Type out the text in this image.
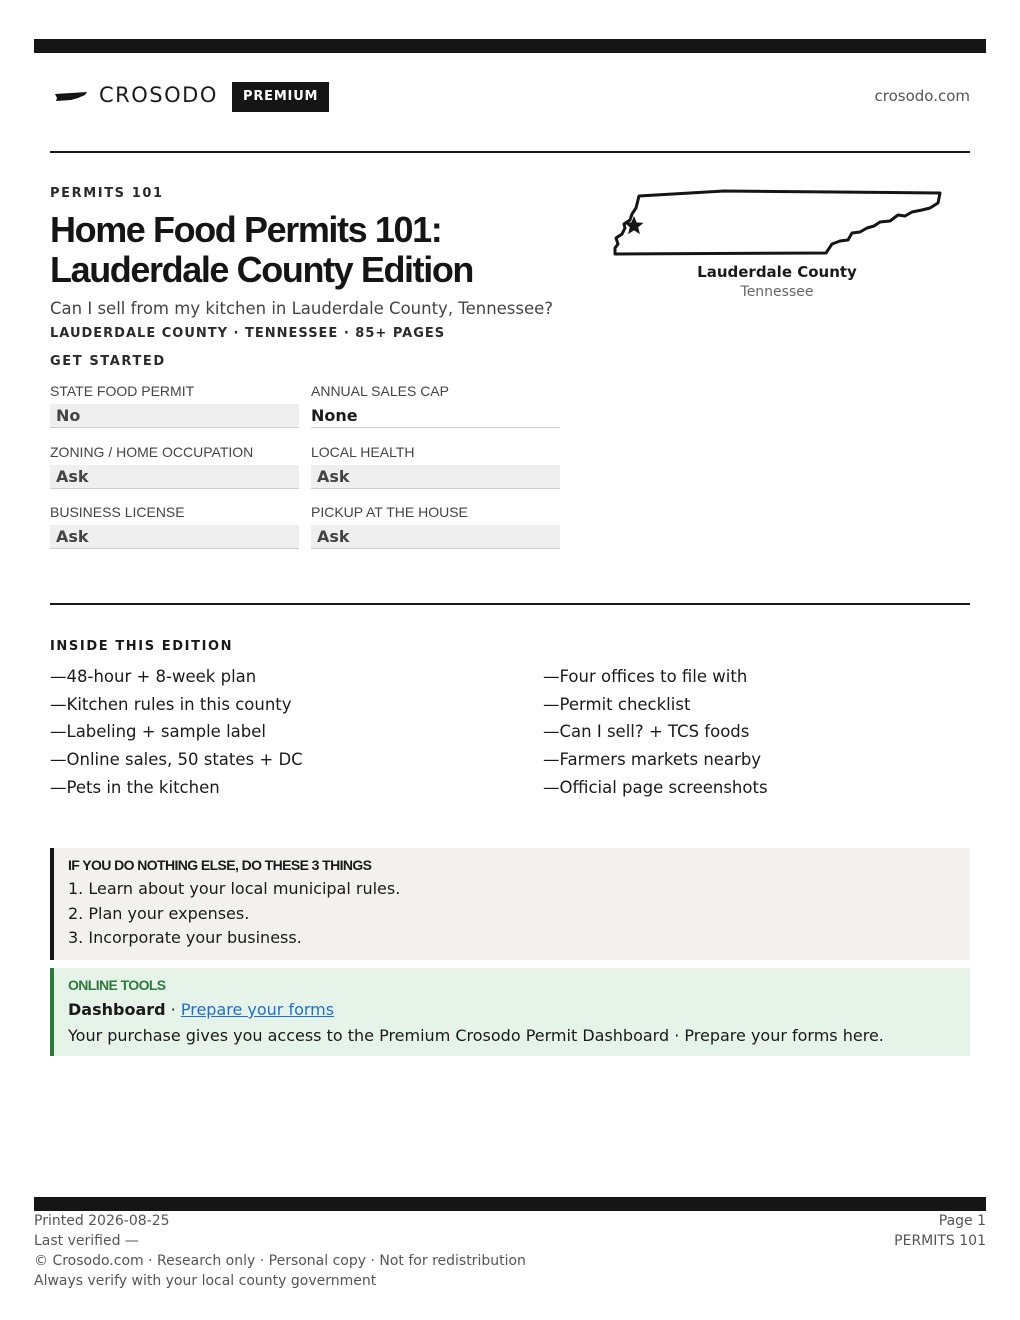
CROSODO	PREMIUM	crosodo.com
PERMITS 101
Home Food Permits 101:
Lauderdale County Edition
Can I sell from my kitchen in Lauderdale County, Tennessee?
LAUDERDALE COUNTY · TENNESSEE · 85+ PAGES
GET STARTED
STATE FOOD PERMIT
No
ANNUAL SALES CAP
None
ZONING / HOME OCCUPATION
Ask
LOCAL HEALTH
Ask
BUSINESS LICENSE
Ask
PICKUP AT THE HOUSE
Ask
Lauderdale County
Tennessee
INSIDE THIS EDITION
—48-hour + 8-week plan
—Kitchen rules in this county
—Labeling + sample label
—Online sales, 50 states + DC
—Pets in the kitchen
—Four offices to file with
—Permit checklist
—Can I sell? + TCS foods
—Farmers markets nearby
—Official page screenshots
IF YOU DO NOTHING ELSE, DO THESE 3 THINGS
1. Learn about your local municipal rules.
2. Plan your expenses.
3. Incorporate your business.
ONLINE TOOLS
Dashboard · Prepare your forms
Your purchase gives you access to the Premium Crosodo Permit Dashboard · Prepare your forms here.
Printed 2026-08-25
Last verified —
© Crosodo.com · Research only · Personal copy · Not for redistribution
Always verify with your local county government
Page 1
PERMITS 101
